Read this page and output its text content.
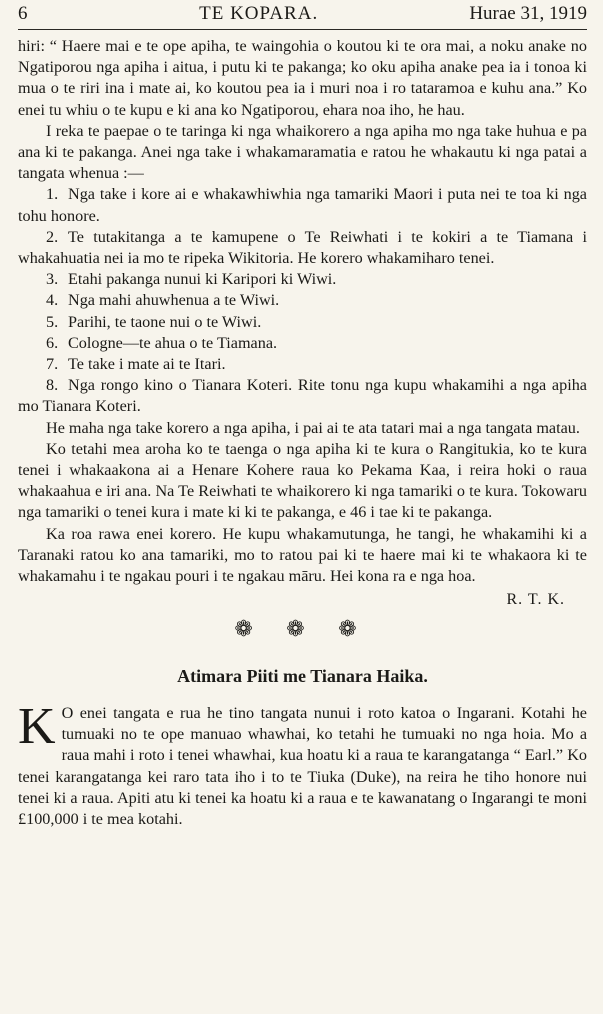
6	TE KOPARA.	Hurae 31, 1919

hiri: “ Haere mai e te ope apiha, te waingohia o koutou ki te ora mai, a noku anake no Ngatiporou nga apiha i aitua, i putu ki te pakanga; ko oku apiha anake pea ia i tonoa ki mua o te riri ina i mate ai, ko koutou pea ia i muri noa i ro tataramoa e kuhu ana.” Ko enei tu whiu o te kupu e ki ana ko Ngatiporou, ehara noa iho, he hau.

I reka te paepae o te taringa ki nga whaikorero a nga apiha mo nga take huhua e pa ana ki te pakanga. Anei nga take i whakamaramatia e ratou he whakautu ki nga patai a tangata whenua :—

1. Nga take i kore ai e whakawhiwhia nga tamariki Maori i puta nei te toa ki nga tohu honore.
2. Te tutakitanga a te kamupene o Te Reiwhati i te kokiri a te Tiamana i whakahuatia nei ia mo te ripeka Wikitoria. He korero whakamiharo tenei.
3. Etahi pakanga nunui ki Karipori ki Wiwi.
4. Nga mahi ahuwhenua a te Wiwi.
5. Parihi, te taone nui o te Wiwi.
6. Cologne—te ahua o te Tiamana.
7. Te take i mate ai te Itari.
8. Nga rongo kino o Tianara Koteri. Rite tonu nga kupu whakamihi a nga apiha mo Tianara Koteri.

He maha nga take korero a nga apiha, i pai ai te ata tatari mai a nga tangata matau.

Ko tetahi mea aroha ko te taenga o nga apiha ki te kura o Rangitukia, ko te kura tenei i whakaakona ai a Henare Kohere raua ko Pekama Kaa, i reira hoki o raua whakaahua e iri ana. Na Te Reiwhati te whaikorero ki nga tamariki o te kura. Tokowaru nga tamariki o tenei kura i mate ki ki te pakanga, e 46 i tae ki te pakanga.

Ka roa rawa enei korero. He kupu whakamutunga, he tangi, he whakamihi ki a Taranaki ratou ko ana tamariki, mo to ratou pai ki te haere mai ki te whakaora ki te whakamahu i te ngakau pouri i te ngakau māru. Hei kona ra e nga hoa.

R. T. K.
❁ ❁ ❁
Atimara Piiti me Tianara Haika.
K O enei tangata e rua he tino tangata nunui i roto katoa o Ingarani. Kotahi he tumuaki no te ope manuao whawhai, ko tetahi he tumuaki no nga hoia. Mo a raua mahi i roto i tenei whawhai, kua hoatu ki a raua te karangatanga “ Earl.” Ko tenei karangatanga kei raro tata iho i to te Tiuka (Duke), na reira he tiho honore nui tenei ki a raua. Apiti atu ki tenei ka hoatu ki a raua e te kawanatang o Ingarangi te moni £100,000 i te mea kotahi.
